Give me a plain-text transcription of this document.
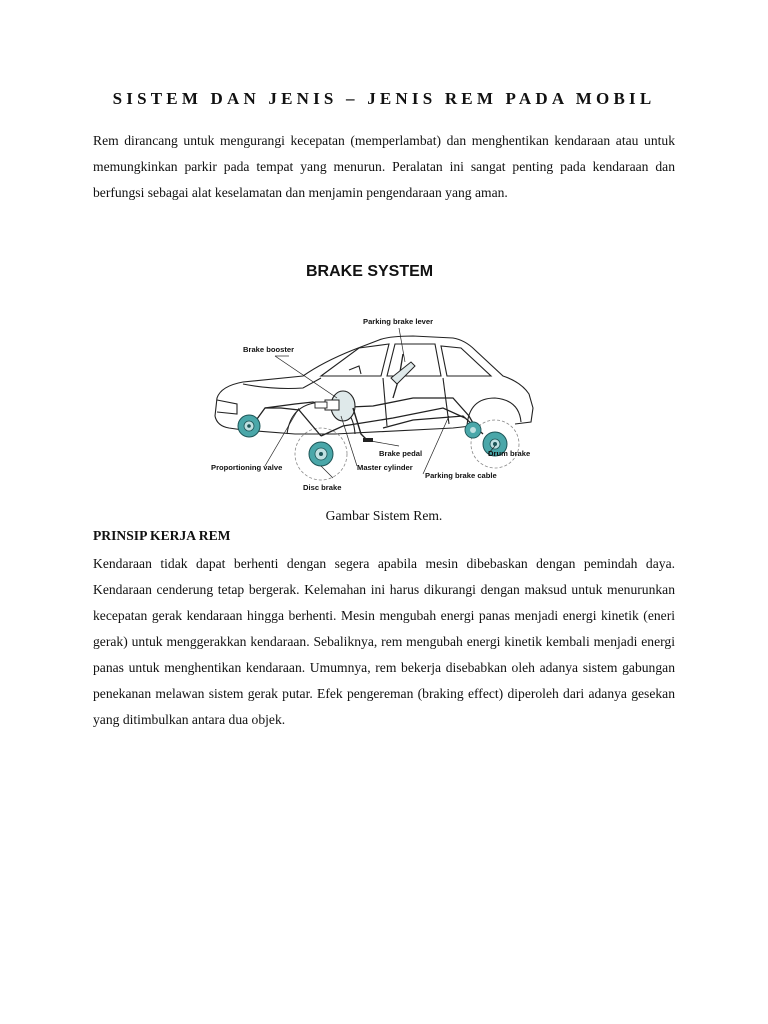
SISTEM DAN JENIS – JENIS REM PADA MOBIL

Rem dirancang untuk mengurangi kecepatan (memperlambat) dan menghentikan kendaraan atau untuk memungkinkan parkir pada tempat yang menurun. Peralatan ini sangat penting pada kendaraan dan berfungsi sebagai alat keselamatan dan menjamin pengendaraan yang aman.

BRAKE SYSTEM
Parking brake lever
Brake booster
Brake pedal	Drum brake
Proportioning valve	Master cylinder
Parking brake cable
Disc brake

Gambar Sistem Rem.

PRINSIP KERJA REM

Kendaraan tidak dapat berhenti dengan segera apabila mesin dibebaskan dengan pemindah daya. Kendaraan cenderung tetap bergerak. Kelemahan ini harus dikurangi dengan maksud untuk menurunkan kecepatan gerak kendaraan hingga berhenti. Mesin mengubah energi panas menjadi energi kinetik (eneri gerak) untuk menggerakkan kendaraan. Sebaliknya, rem mengubah energi kinetik kembali menjadi energi panas untuk menghentikan kendaraan. Umumnya, rem bekerja disebabkan oleh adanya sistem gabungan penekanan melawan sistem gerak putar. Efek pengereman (braking effect) diperoleh dari adanya gesekan yang ditimbulkan antara dua objek.
